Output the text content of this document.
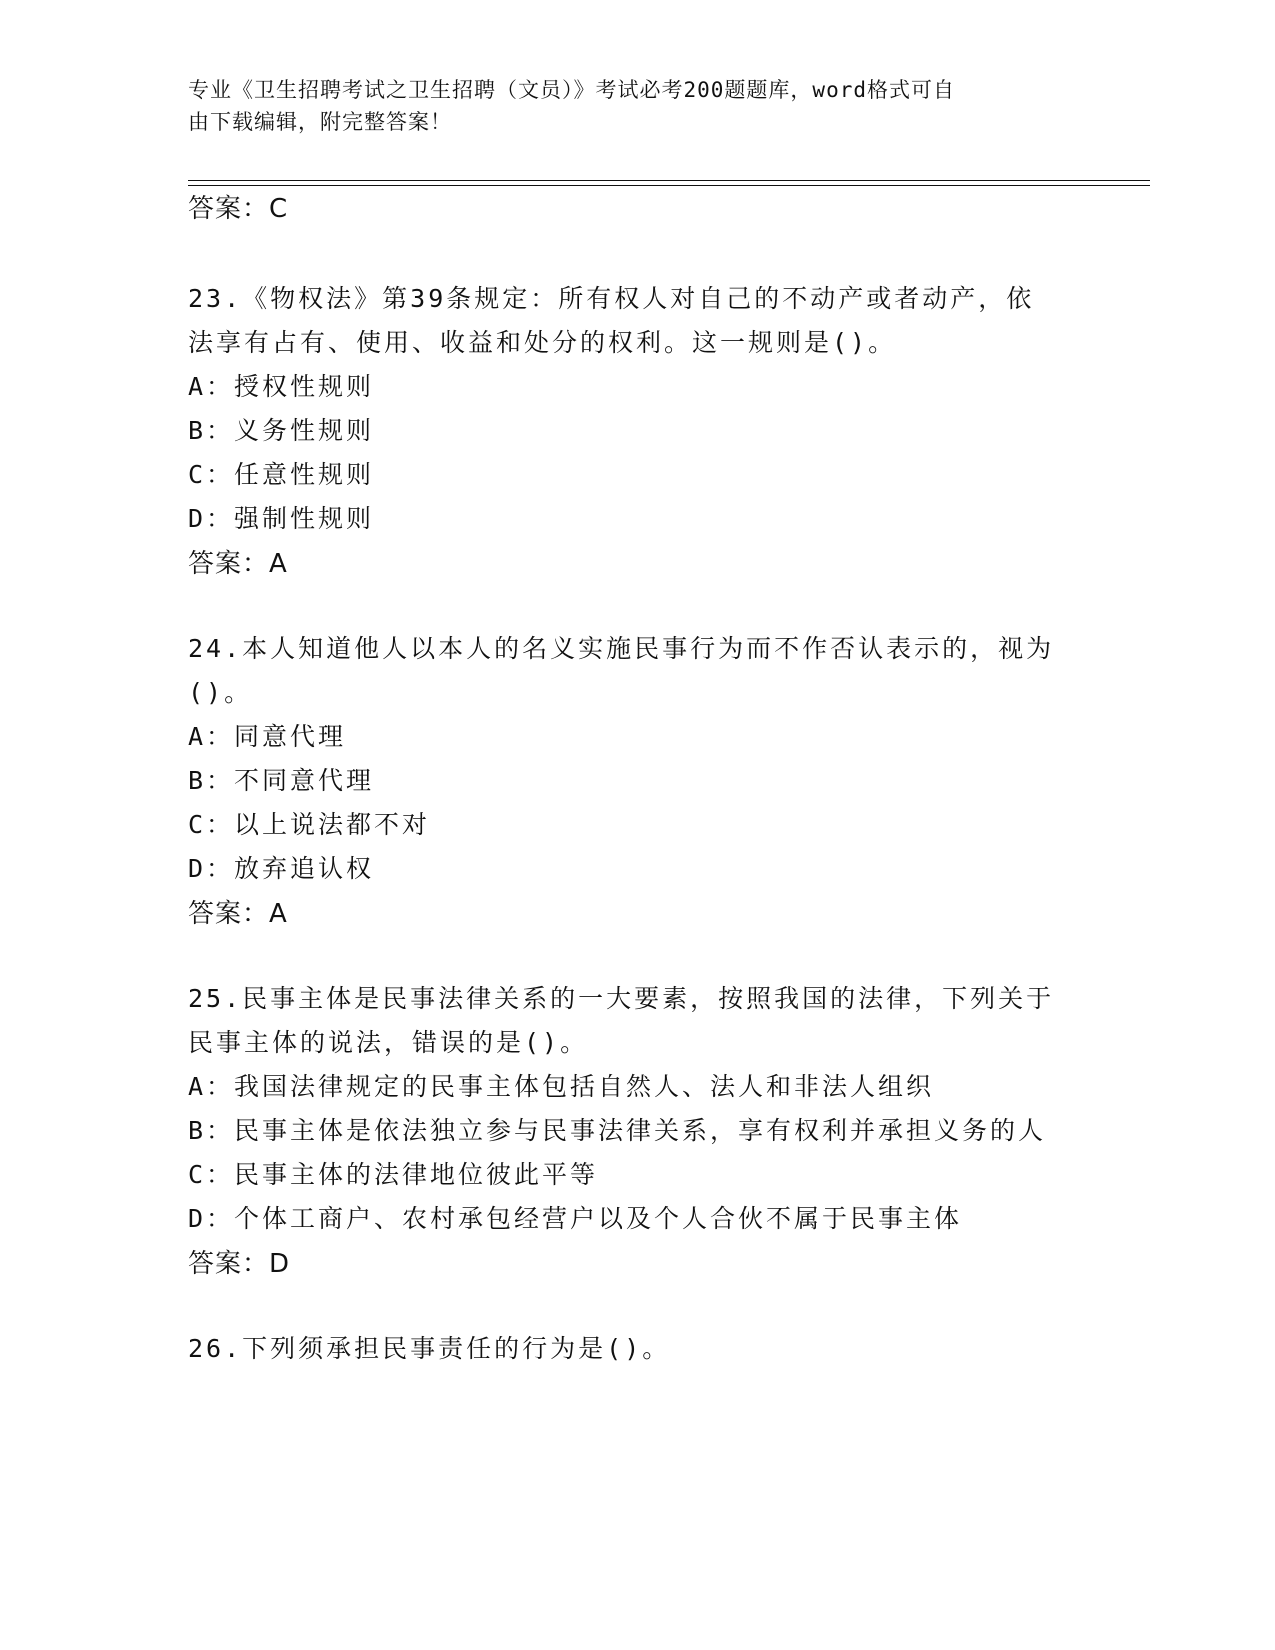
专业《卫生招聘考试之卫生招聘（文员）》考试必考200题题库，word格式可自
由下载编辑，附完整答案！
答案：C
23.《物权法》第39条规定：所有权人对自己的不动产或者动产，依
法享有占有、使用、收益和处分的权利。这一规则是()。
A：授权性规则
B：义务性规则
C：任意性规则
D：强制性规则
答案：A
24.本人知道他人以本人的名义实施民事行为而不作否认表示的，视为
()。
A：同意代理
B：不同意代理
C：以上说法都不对
D：放弃追认权
答案：A
25.民事主体是民事法律关系的一大要素，按照我国的法律，下列关于
民事主体的说法，错误的是()。
A：我国法律规定的民事主体包括自然人、法人和非法人组织
B：民事主体是依法独立参与民事法律关系，享有权利并承担义务的人
C：民事主体的法律地位彼此平等
D：个体工商户、农村承包经营户以及个人合伙不属于民事主体
答案：D
26.下列须承担民事责任的行为是()。
